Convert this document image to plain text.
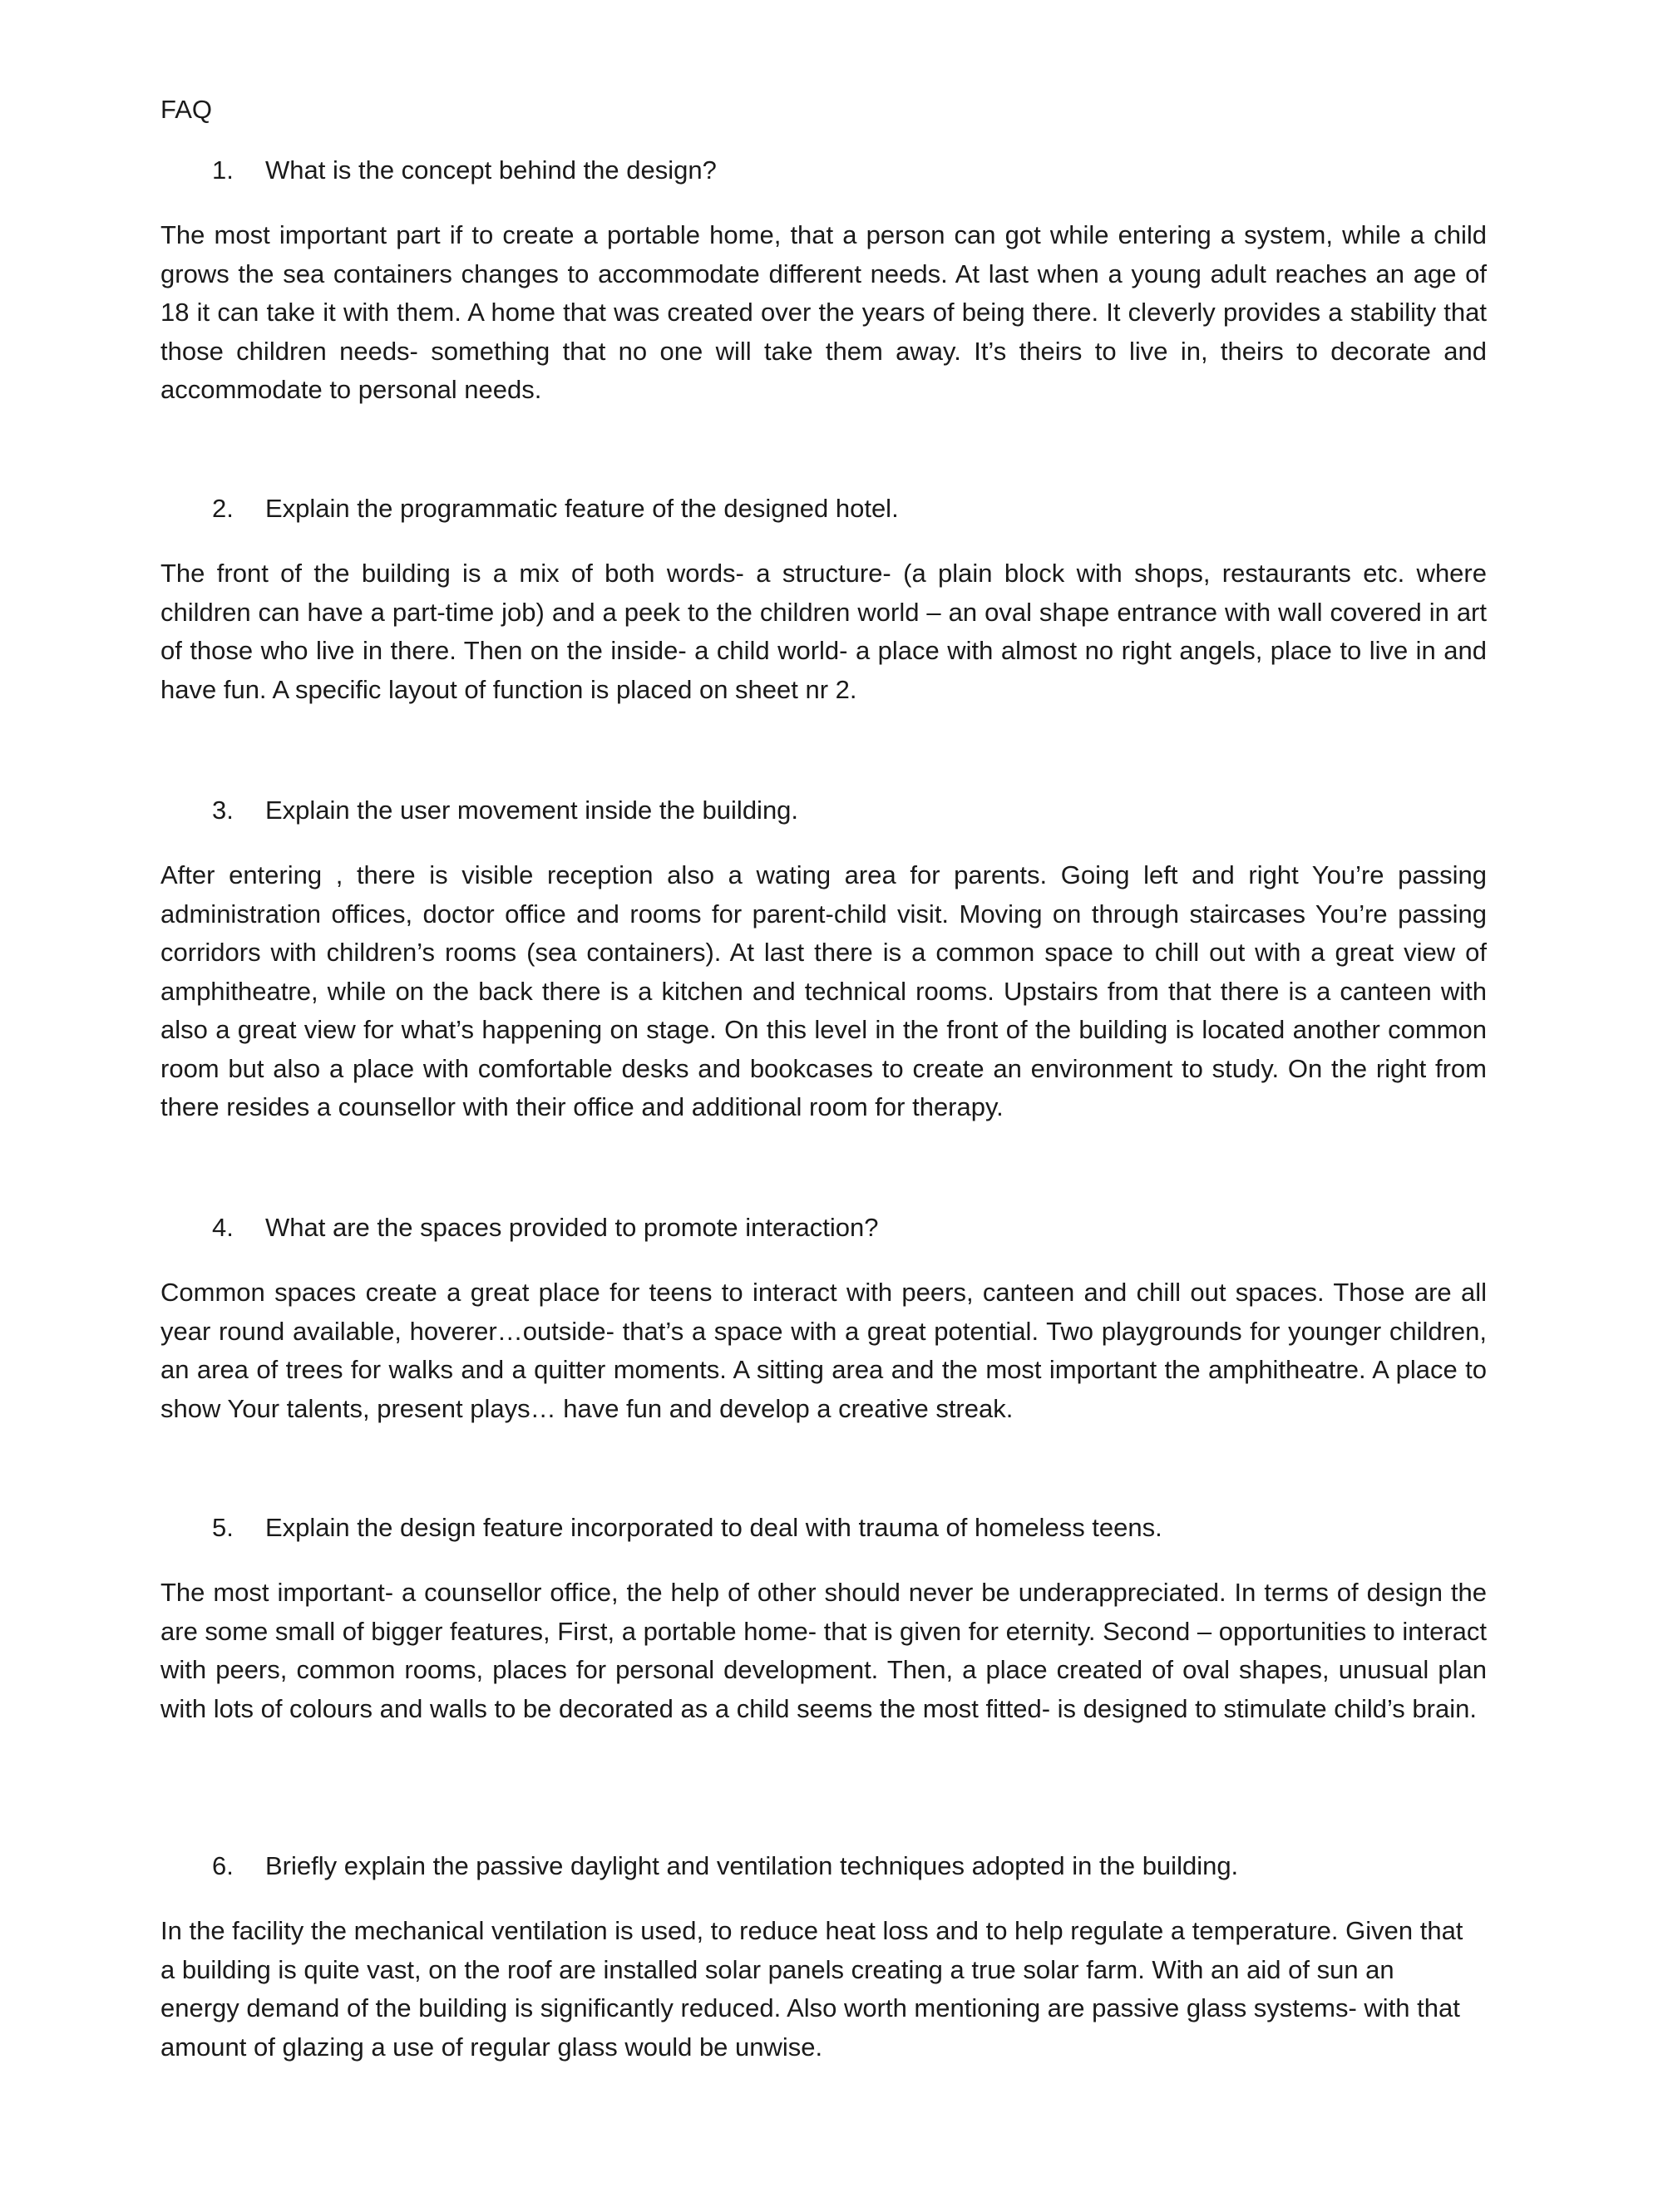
FAQ
1. What is the concept behind the design?
The most important part if to create a portable home, that a person can got while entering a system, while a child grows the sea containers changes to accommodate different needs. At last when a young adult reaches an age of 18 it can take it with them. A home that was created over the years of being there. It cleverly provides a stability that those children needs- something that no one will take them away. It’s theirs to live in, theirs to decorate and accommodate to personal needs.
2. Explain the programmatic feature of the designed hotel.
The front of the building is a mix of both words- a structure- (a plain block with shops, restaurants etc. where children can have a part-time job) and a peek to the children world – an oval shape entrance with wall covered in art of those who live in there. Then on the inside- a child world- a place with almost no right angels, place to live in and have fun. A specific layout of function is placed on sheet nr 2.
3. Explain the user movement inside the building.
After entering , there is visible reception also a wating area for parents. Going left and right You’re passing administration offices, doctor office and rooms for parent-child visit. Moving on through staircases You’re passing corridors with children’s rooms (sea containers). At last there is a common space to chill out with a great view of amphitheatre, while on the back there is a kitchen and technical rooms. Upstairs from that there is a canteen with also a great view for what’s happening on stage. On this level in the front of the building is located another common room but also a place with comfortable desks and bookcases to create an environment to study. On the right from there resides a counsellor with their office and additional room for therapy.
4. What are the spaces provided to promote interaction?
Common spaces create a great place for teens to interact with peers, canteen and chill out spaces. Those are all year round available, hoverer…outside- that’s a space with a great potential. Two playgrounds for younger children, an area of trees for walks and a quitter moments. A sitting area and the most important the amphitheatre. A place to show Your talents, present plays… have fun and develop a creative streak.
5. Explain the design feature incorporated to deal with trauma of homeless teens.
The most important- a counsellor office, the help of other should never be underappreciated. In terms of design the are some small of bigger features, First, a portable home- that is given for eternity. Second – opportunities to interact with peers, common rooms, places for personal development. Then, a place created of oval shapes, unusual plan with lots of colours and walls to be decorated as a child seems the most fitted- is designed to stimulate child’s brain.
6. Briefly explain the passive daylight and ventilation techniques adopted in the building.
In the facility the mechanical ventilation is used, to reduce heat loss and to help regulate a temperature. Given that a building is quite vast, on the roof are installed solar panels creating a true solar farm. With an aid of sun an energy demand of the building is significantly reduced. Also worth mentioning are passive glass systems- with that amount of glazing a use of regular glass would be unwise.
